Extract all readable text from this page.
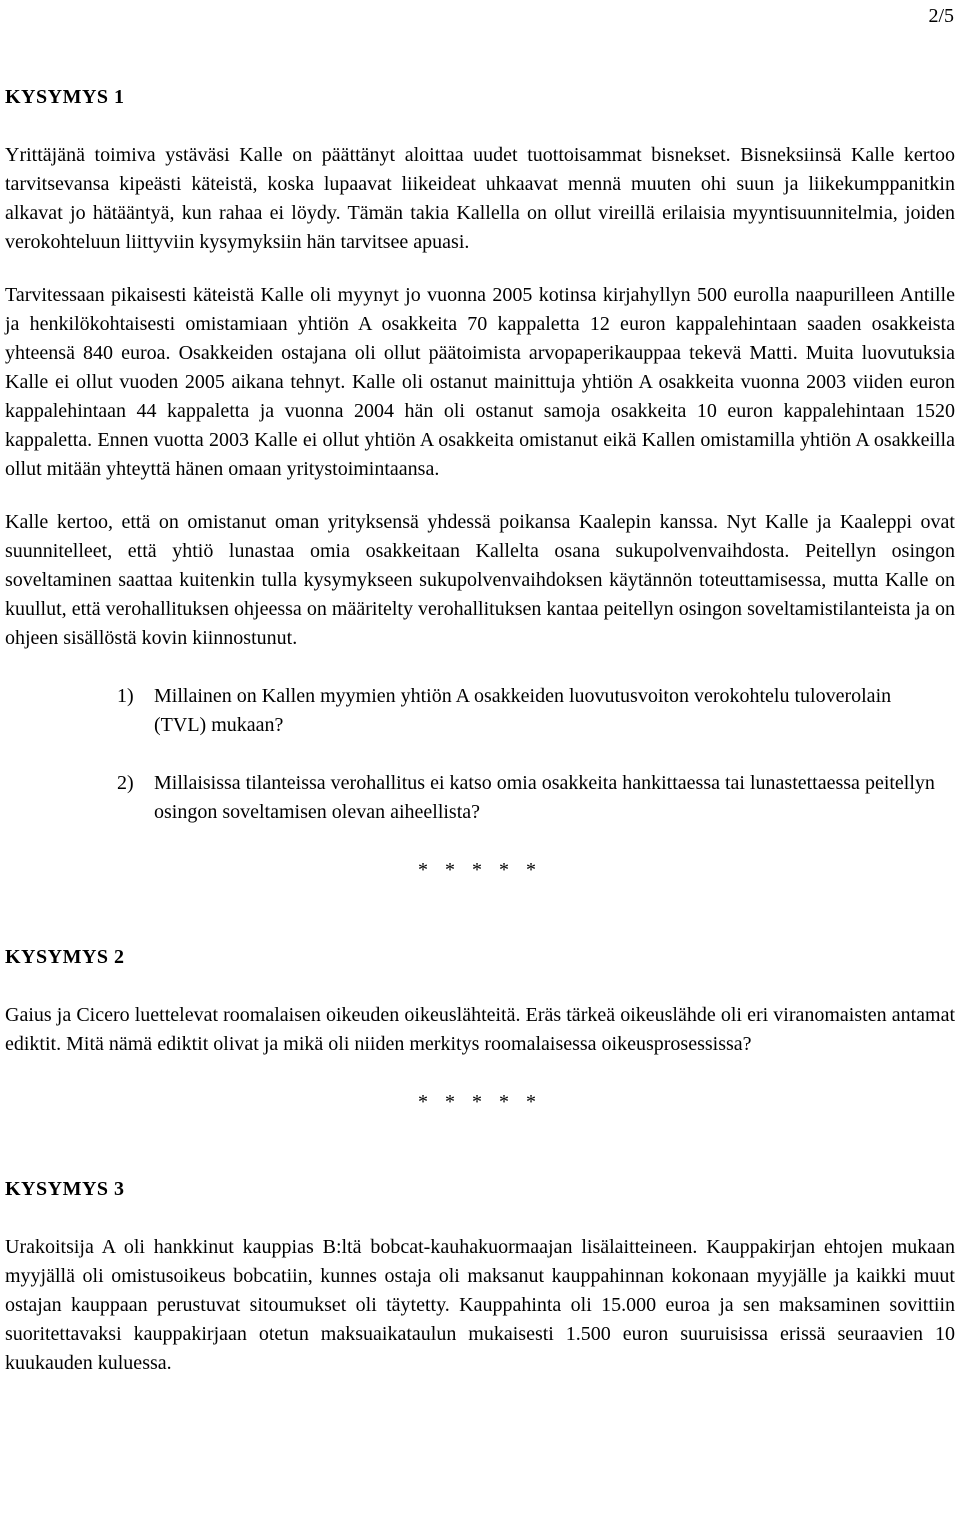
2/5
KYSYMYS 1

Yrittäjänä toimiva ystäväsi Kalle on päättänyt aloittaa uudet tuottoisammat bisnekset. Bisneksiinsä Kalle kertoo tarvitsevansa kipeästi käteistä, koska lupaavat liikeideat uhkaavat mennä muuten ohi suun ja liikekumppanitkin alkavat jo hätääntyä, kun rahaa ei löydy. Tämän takia Kallella on ollut vireillä erilaisia myyntisuunnitelmia, joiden verokohteluun liittyviin kysymyksiin hän tarvitsee apuasi.

Tarvitessaan pikaisesti käteistä Kalle oli myynyt jo vuonna 2005 kotinsa kirjahyllyn 500 eurolla naapurilleen Antille ja henkilökohtaisesti omistamiaan yhtiön A osakkeita 70 kappaletta 12 euron kappalehintaan saaden osakkeista yhteensä 840 euroa. Osakkeiden ostajana oli ollut päätoimista arvopaperikauppaa tekevä Matti. Muita luovutuksia Kalle ei ollut vuoden 2005 aikana tehnyt. Kalle oli ostanut mainittuja yhtiön A osakkeita vuonna 2003 viiden euron kappalehintaan 44 kappaletta ja vuonna 2004 hän oli ostanut samoja osakkeita 10 euron kappalehintaan 1520 kappaletta. Ennen vuotta 2003 Kalle ei ollut yhtiön A osakkeita omistanut eikä Kallen omistamilla yhtiön A osakkeilla ollut mitään yhteyttä hänen omaan yritystoimintaansa.

Kalle kertoo, että on omistanut oman yrityksensä yhdessä poikansa Kaalepin kanssa. Nyt Kalle ja Kaaleppi ovat suunnitelleet, että yhtiö lunastaa omia osakkeitaan Kallelta osana sukupolvenvaihdosta. Peitellyn osingon soveltaminen saattaa kuitenkin tulla kysymykseen sukupolvenvaihdoksen käytännön toteuttamisessa, mutta Kalle on kuullut, että verohallituksen ohjeessa on määritelty verohallituksen kantaa peitellyn osingon soveltamistilanteista ja on ohjeen sisällöstä kovin kiinnostunut.

1)	Millainen on Kallen myymien yhtiön A osakkeiden luovutusvoiton verokohtelu tuloverolain (TVL) mukaan?
2)	Millaisissa tilanteissa verohallitus ei katso omia osakkeita hankittaessa tai lunastettaessa peitellyn osingon soveltamisen olevan aiheellista?

* * * * *

KYSYMYS 2

Gaius ja Cicero luettelevat roomalaisen oikeuden oikeuslähteitä. Eräs tärkeä oikeuslähde oli eri viranomaisten antamat ediktit. Mitä nämä ediktit olivat ja mikä oli niiden merkitys roomalaisessa oikeusprosessissa?

* * * * *

KYSYMYS 3

Urakoitsija A oli hankkinut kauppias B:ltä bobcat-kauhakuormaajan lisälaitteineen. Kauppakirjan ehtojen mukaan myyjällä oli omistusoikeus bobcatiin, kunnes ostaja oli maksanut kauppahinnan kokonaan myyjälle ja kaikki muut ostajan kauppaan perustuvat sitoumukset oli täytetty. Kauppahinta oli 15.000 euroa ja sen maksaminen sovittiin suoritettavaksi kauppakirjaan otetun maksuaikataulun mukaisesti 1.500 euron suuruisissa erissä seuraavien 10 kuukauden kuluessa.
